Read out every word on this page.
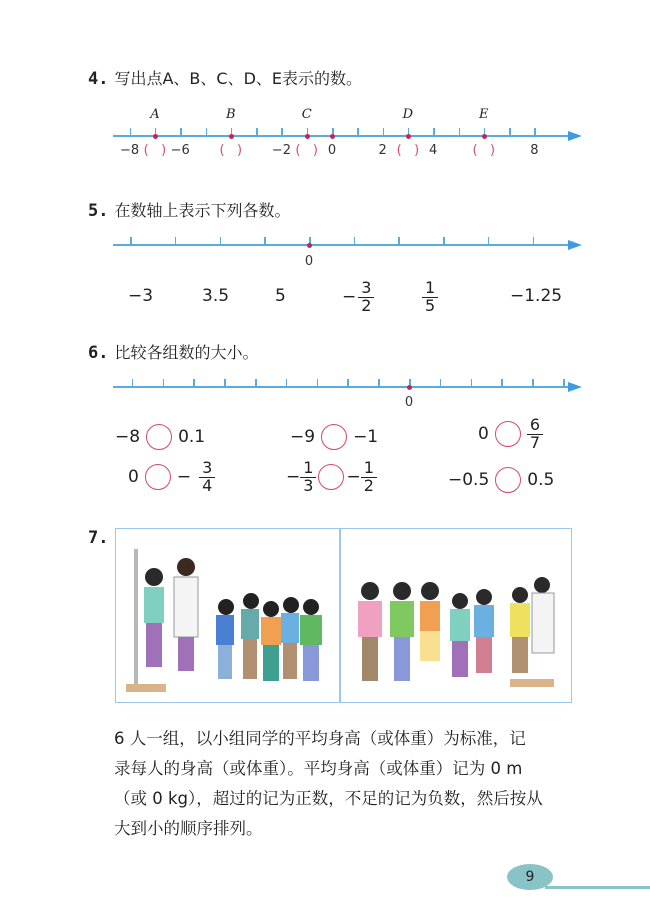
4. 写出点A、B、C、D、E表示的数。
−8 −6	−2	0	2	4	8
A
(   )
B
(   )
C
(   )
D
(   )
E
(   )
5. 在数轴上表示下列各数。
0
−3	3.5	5	− $\frac{3}{2}$	$\frac{1}{5}$	−1.25
6. 比较各组数的大小。
0
−8 0.1	−9 −1	$0 \frac{6}{7}$
$0 - \frac{3}{4}$	− $\frac{1}{3} - \frac{1}{2}$	−0.5 0.5
7.

6 人一组，以小组同学的平均身高（或体重）为标准，记

录每人的身高（或体重）。平均身高（或体重）记为 0 m

（或 0 kg），超过的记为正数，不足的记为负数，然后按从

大到小的顺序排列。

9
